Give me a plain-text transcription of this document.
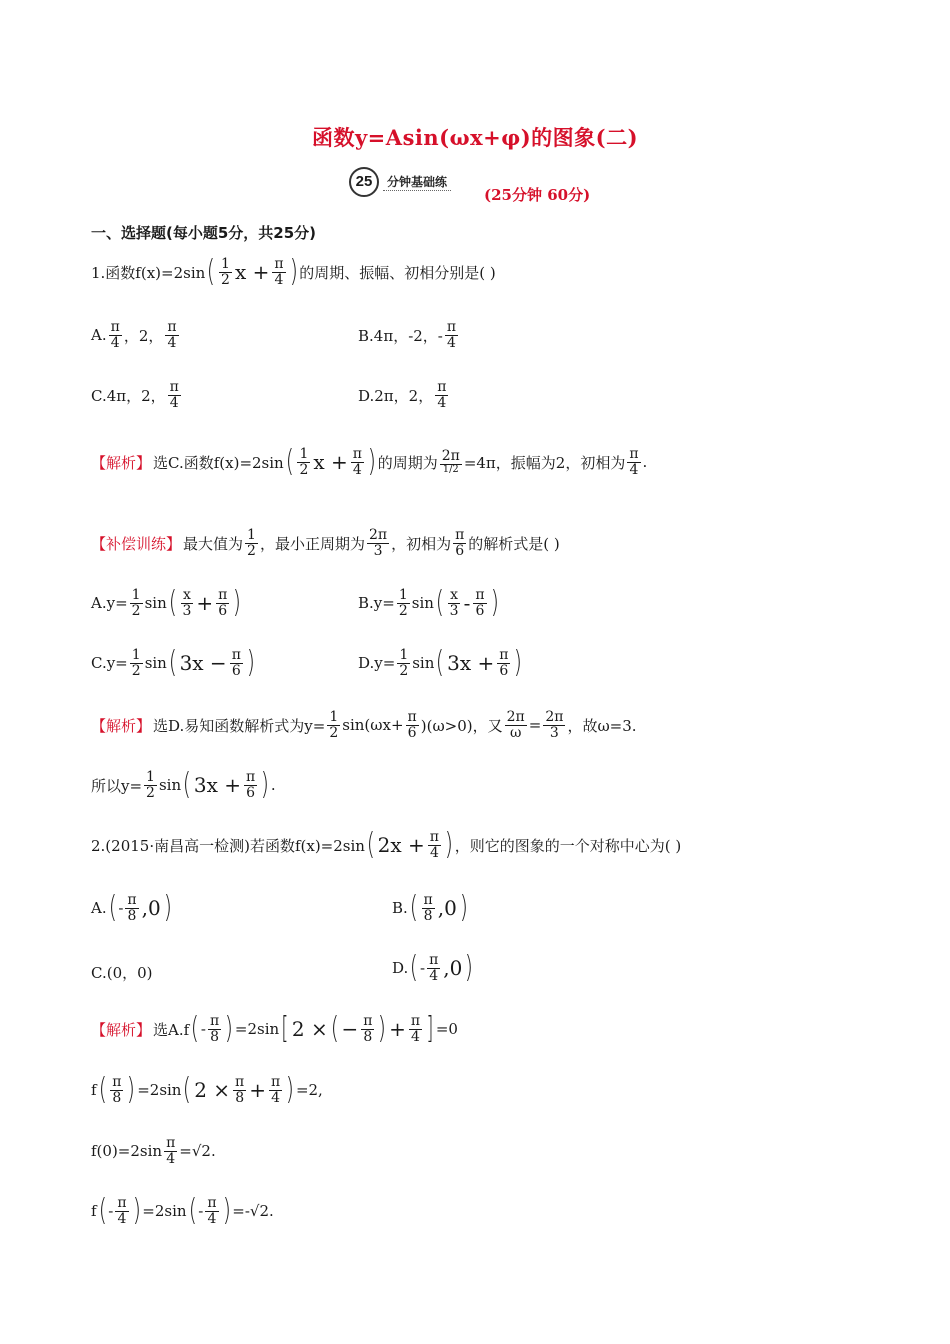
函数y=Asin(ωx+φ)的图象(二)
25	分钟基础练
(25分钟 60分)
一、选择题(每小题5分，共25分)
1.函数f(x)=2sin ( $\frac{1}{2}$ $x + \frac{\pi}{4}$ ) 的周期、振幅、初相分别是( )
A. $\frac{\pi}{4}$ ，2， $\frac{\pi}{4}$	B.4π，-2，- $\frac{\pi}{4}$
C.4π，2， $\frac{\pi}{4}$	D.2π，2， $\frac{\pi}{4}$
【解析】 选C.函数f(x)=2sin ( $\frac{1}{2}$ $x + \frac{\pi}{4}$ ) 的周期为 $\frac{2\pi}{1/2} =4\pi$，振幅为2，初相为 $\frac{\pi}{4}$ .
【补偿训练】 最大值为 $\frac{1}{2}$ ，最小正周期为 $\frac{2\pi}{3}$ ，初相为 $\frac{\pi}{6}$ 的解析式是( )
$A.y= \frac{1}{2}$ sin ( $\frac{x}{3} + \frac{\pi}{6}$ )	$B.y= \frac{1}{2}$ sin ( $\frac{x}{3} - \frac{\pi}{6}$ )
$C.y= \frac{1}{2}$ sin ( $3x - \frac{\pi}{6}$ )	$D.y= \frac{1}{2}$ sin ( $3x + \frac{\pi}{6}$ )
【解析】 选D.易知函数解析式为$y= \frac{1}{2} \sin(\omega x+ \frac{\pi}{6} )(\omega>0)$，又 $\frac{2\pi}{\omega} = \frac{2\pi}{3}$ ，故ω=3.
所以$y= \frac{1}{2}$ sin ( $3x + \frac{\pi}{6}$ ) .
2.(2015·南昌高一检测)若函数f(x)=2sin ( $2x + \frac{\pi}{4}$ ) ，则它的图象的一个对称中心为( )
A. ( - $\frac{\pi}{8} ,0$ )	B. ( $\frac{\pi}{8} ,0$ )
C.(0，0)	D. ( - $\frac{\pi}{4} ,0$ )
【解析】 选A.f ( - $\frac{\pi}{8}$ ) =2sin [ 2 × ( − $\frac{\pi}{8}$ ) + $\frac{\pi}{4}$ ] =0
f ( $\frac{\pi}{8}$ ) =2sin ( $2 \times \frac{\pi}{8} + \frac{\pi}{4}$ ) =2,
$f(0)=2\sin \frac{\pi}{4} =√2$.
f ( - $\frac{\pi}{4}$ ) =2sin ( - $\frac{\pi}{4}$ ) =-√2.
